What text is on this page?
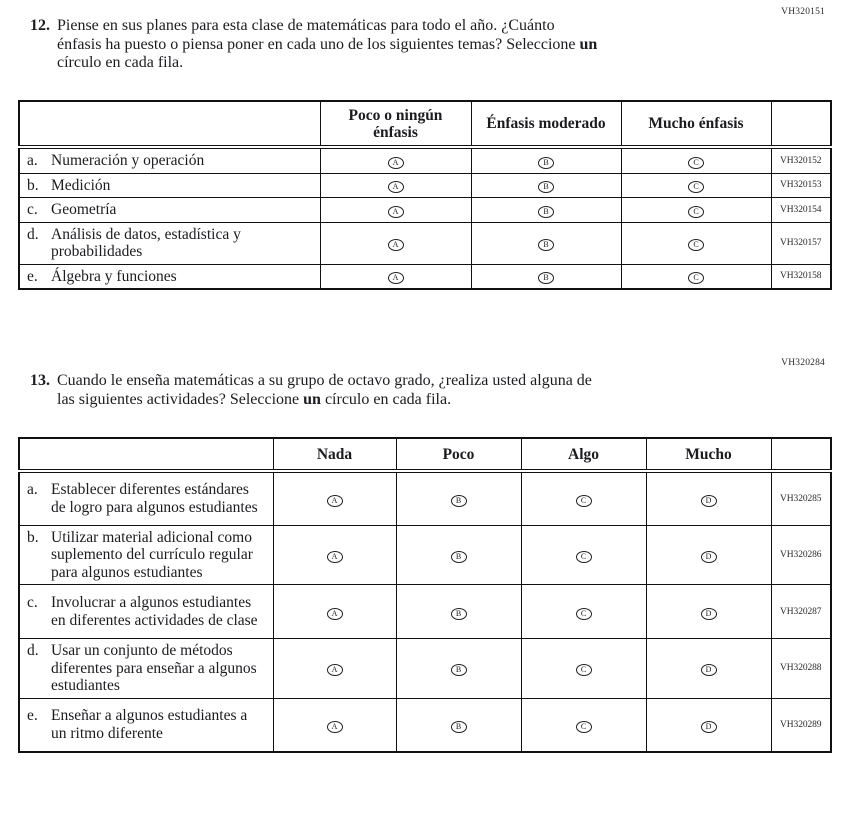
VH320151
12. Piense en sus planes para esta clase de matemáticas para todo el año. ¿Cuánto
énfasis ha puesto o piensa poner en cada uno de los siguientes temas? Seleccione un
círculo en cada fila.
	Poco o ningún énfasis	Énfasis moderado	Mucho énfasis	
a. Numeración y operación	A	B	C	VH320152
b. Medición	A	B	C	VH320153
c. Geometría	A	B	C	VH320154
d. Análisis de datos, estadística y probabilidades	A	B	C	VH320157
e. Álgebra y funciones	A	B	C	VH320158
VH320284
13. Cuando le enseña matemáticas a su grupo de octavo grado, ¿realiza usted alguna de
las siguientes actividades? Seleccione un círculo en cada fila.
	Nada	Poco	Algo	Mucho	
a. Establecer diferentes estándares de logro para algunos estudiantes	A	B	C	D	VH320285
b. Utilizar material adicional como suplemento del currículo regular para algunos estudiantes	A	B	C	D	VH320286
c. Involucrar a algunos estudiantes en diferentes actividades de clase	A	B	C	D	VH320287
d. Usar un conjunto de métodos diferentes para enseñar a algunos estudiantes	A	B	C	D	VH320288
e. Enseñar a algunos estudiantes a un ritmo diferente	A	B	C	D	VH320289
